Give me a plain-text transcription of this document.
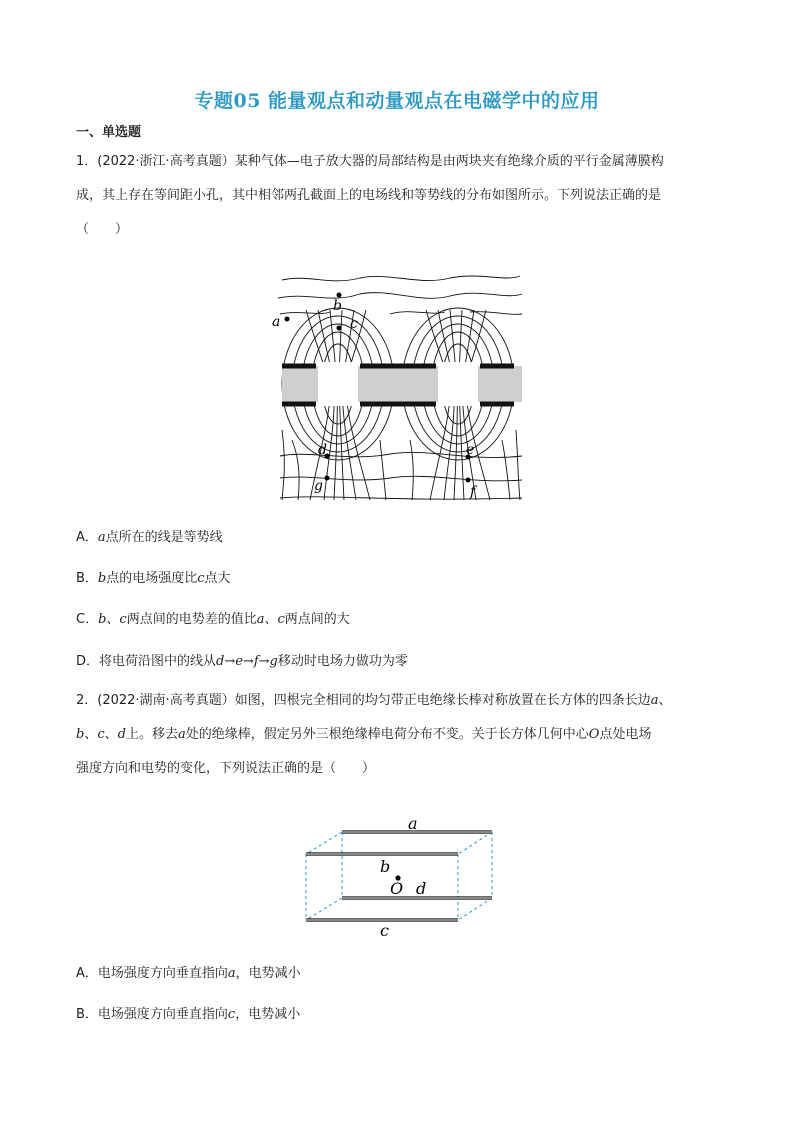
专题05 能量观点和动量观点在电磁学中的应用
一、单选题
1．(2022·浙江·高考真题）某种气体—电子放大器的局部结构是由两块夹有绝缘介质的平行金属薄膜构
成，其上存在等间距小孔，其中相邻两孔截面上的电场线和等势线的分布如图所示。下列说法正确的是
（　　）
a
b
c
d	e
f
g
A．a点所在的线是等势线
B．b点的电场强度比c点大
C．b、c两点间的电势差的值比a、c两点间的大
D．将电荷沿图中的线从d→e→f→g移动时电场力做功为零
2．(2022·湖南·高考真题）如图，四根完全相同的均匀带正电绝缘长棒对称放置在长方体的四条长边a、
b、c、d上。移去a处的绝缘棒，假定另外三根绝缘棒电荷分布不变。关于长方体几何中心O点处电场
强度方向和电势的变化，下列说法正确的是（　　）
a
b
O d
c
A．电场强度方向垂直指向a，电势减小
B．电场强度方向垂直指向c，电势减小
